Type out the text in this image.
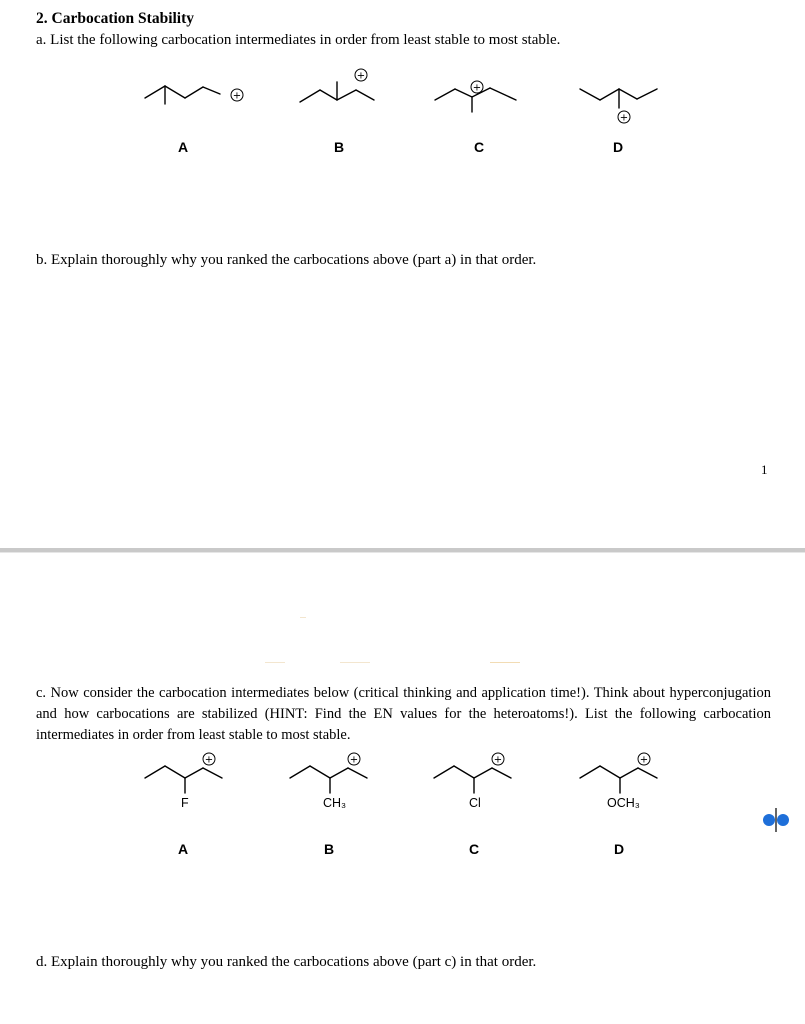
2. Carbocation Stability
a. List the following carbocation intermediates in order from least stable to most stable.
+
+
+
+
A	B	C	D
b. Explain thoroughly why you ranked the carbocations above (part a) in that order.
1
c. Now consider the carbocation intermediates below (critical thinking and application time!). Think about hyperconjugation and how carbocations are stabilized (HINT: Find the EN values for the heteroatoms!). List the following carbocation intermediates in order from least stable to most stable.
+
F
+
CH₃
+
Cl
+
OCH₃
A	B	C	D
d. Explain thoroughly why you ranked the carbocations above (part c) in that order.
